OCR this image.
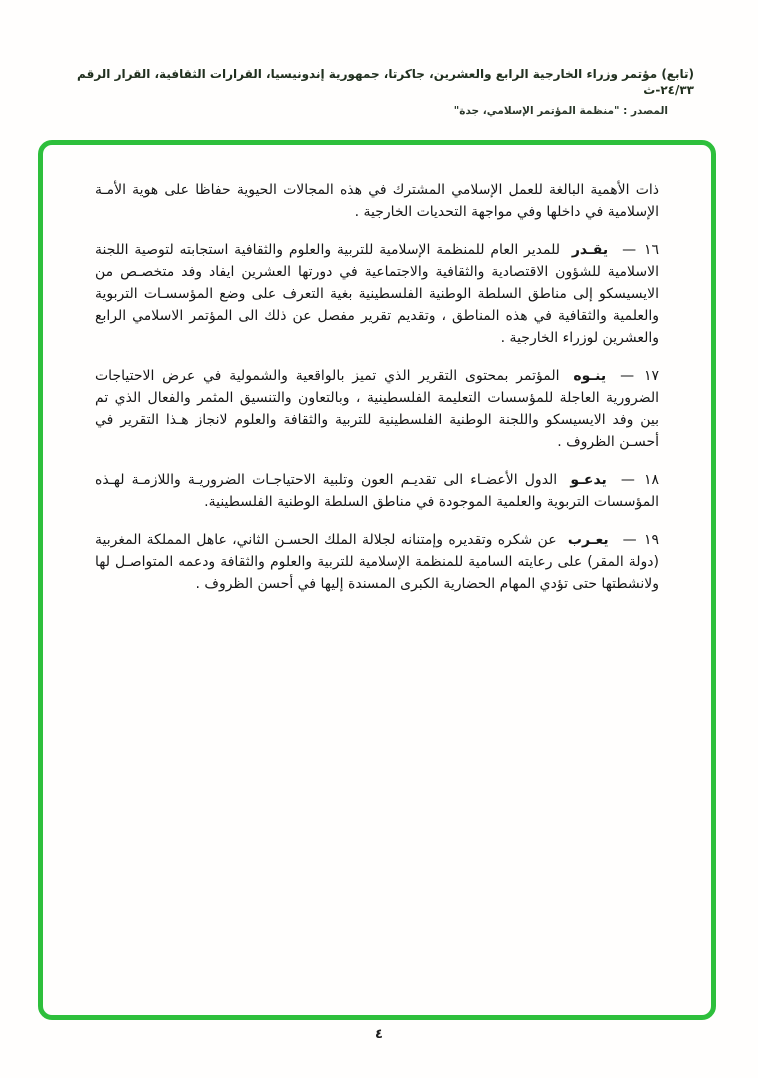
(تابع) مؤتمر وزراء الخارجية الرابع والعشرين، جاكرتا، جمهورية إندونيسيا، القرارات الثقافية، القرار الرقم ٢٤/٣٣-ث
المصدر : "منظمة المؤتمر الإسلامي، جدة"

ذات الأهمية البالغة للعمل الإسلامي المشترك في هذه المجالات الحيوية حفاظا على هوية الأمـة الإسلامية في داخلها وفي مواجهة التحديات الخارجية .

١٦ —يقـدر للمدير العام للمنظمة الإسلامية للتربية والعلوم والثقافية استجابته لتوصية اللجنة الاسلامية للشؤون الاقتصادية والثقافية والاجتماعية في دورتها العشرين ايفاد وفد متخصـص من الايسيسكو إلى مناطق السلطة الوطنية الفلسطينية بغية التعرف على وضع المؤسسـات التربوية والعلمية والثقافية في هذه المناطق ، وتقديم تقرير مفصل عن ذلك الى المؤتمر الاسلامي الرابع والعشرين لوزراء الخارجية .

١٧ —ينـوه المؤتمر بمحتوى التقرير الذي تميز بالواقعية والشمولية في عرض الاحتياجات الضرورية العاجلة للمؤسسات التعليمة الفلسطينية ، وبالتعاون والتنسيق المثمر والفعال الذي تم بين وفد الايسيسكو واللجنة الوطنية الفلسطينية للتربية والثقافة والعلوم لانجاز هـذا التقرير في أحسـن الظروف .

١٨ —يدعـو الدول الأعضـاء الى تقديـم العون وتلبية الاحتياجـات الضروريـة واللازمـة لهـذه المؤسسات التربوية والعلمية الموجودة في مناطق السلطة الوطنية الفلسطينية.

١٩ —يعـرب عن شكره وتقديره وإمتنانه لجلالة الملك الحسـن الثاني، عاهل المملكة المغربية (دولة المقر) على رعايته السامية للمنظمة الإسلامية للتربية والعلوم والثقافة ودعمه المتواصـل لها ولانشطتها حتى تؤدي المهام الحضارية الكبرى المسندة إليها في أحسن الظروف .

٤
